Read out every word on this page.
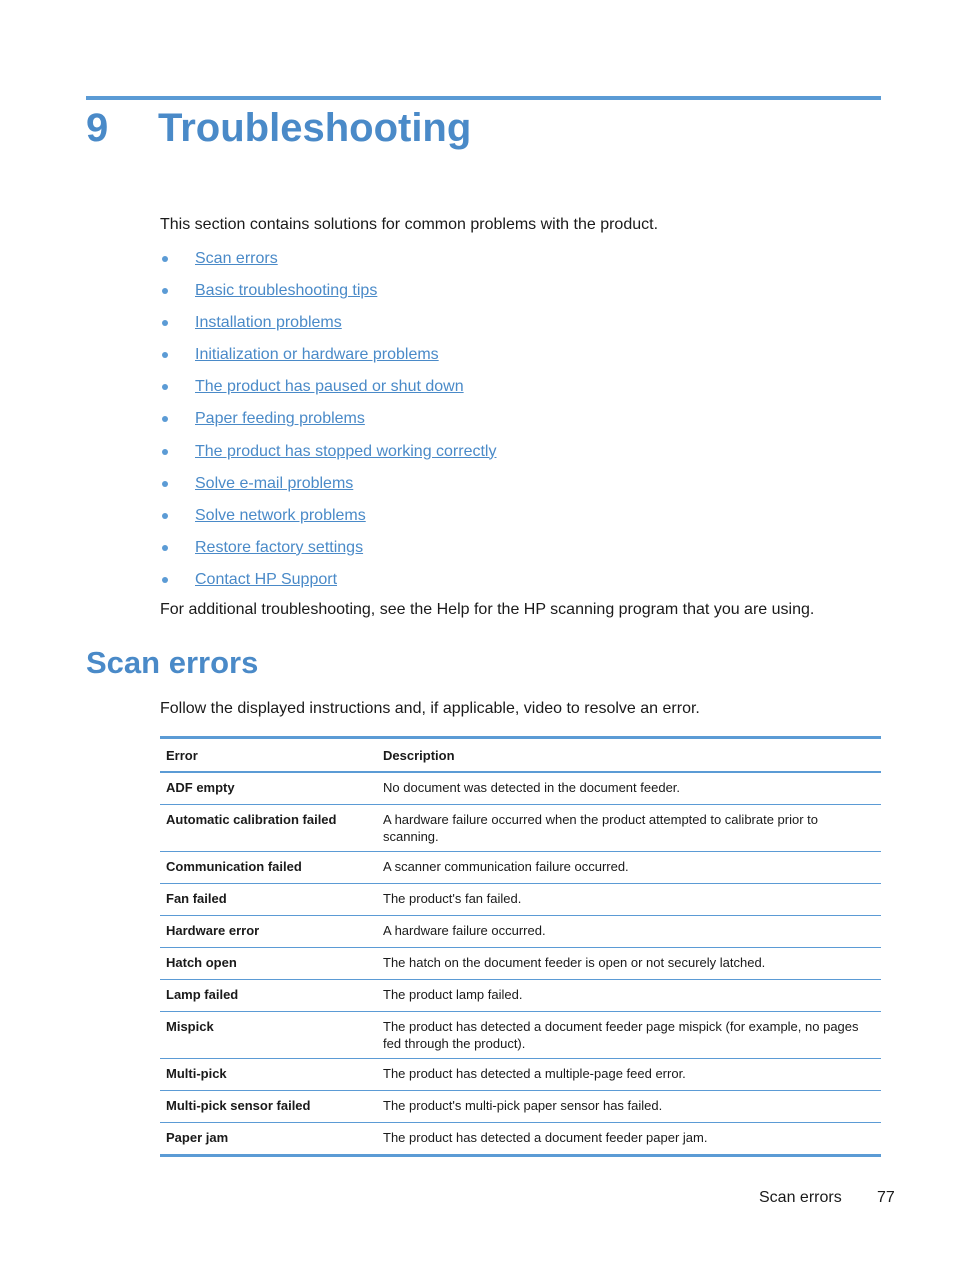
9 Troubleshooting

This section contains solutions for common problems with the product.

Scan errors
Basic troubleshooting tips
Installation problems
Initialization or hardware problems
The product has paused or shut down
Paper feeding problems
The product has stopped working correctly
Solve e-mail problems
Solve network problems
Restore factory settings
Contact HP Support

For additional troubleshooting, see the Help for the HP scanning program that you are using.

Scan errors

Follow the displayed instructions and, if applicable, video to resolve an error.

Error	Description
ADF empty	No document was detected in the document feeder.
Automatic calibration failed	A hardware failure occurred when the product attempted to calibrate prior to scanning.
Communication failed	A scanner communication failure occurred.
Fan failed	The product's fan failed.
Hardware error	A hardware failure occurred.
Hatch open	The hatch on the document feeder is open or not securely latched.
Lamp failed	The product lamp failed.
Mispick	The product has detected a document feeder page mispick (for example, no pages fed through the product).
Multi-pick	The product has detected a multiple-page feed error.
Multi-pick sensor failed	The product's multi-pick paper sensor has failed.
Paper jam	The product has detected a document feeder paper jam.
Scan errors 77
